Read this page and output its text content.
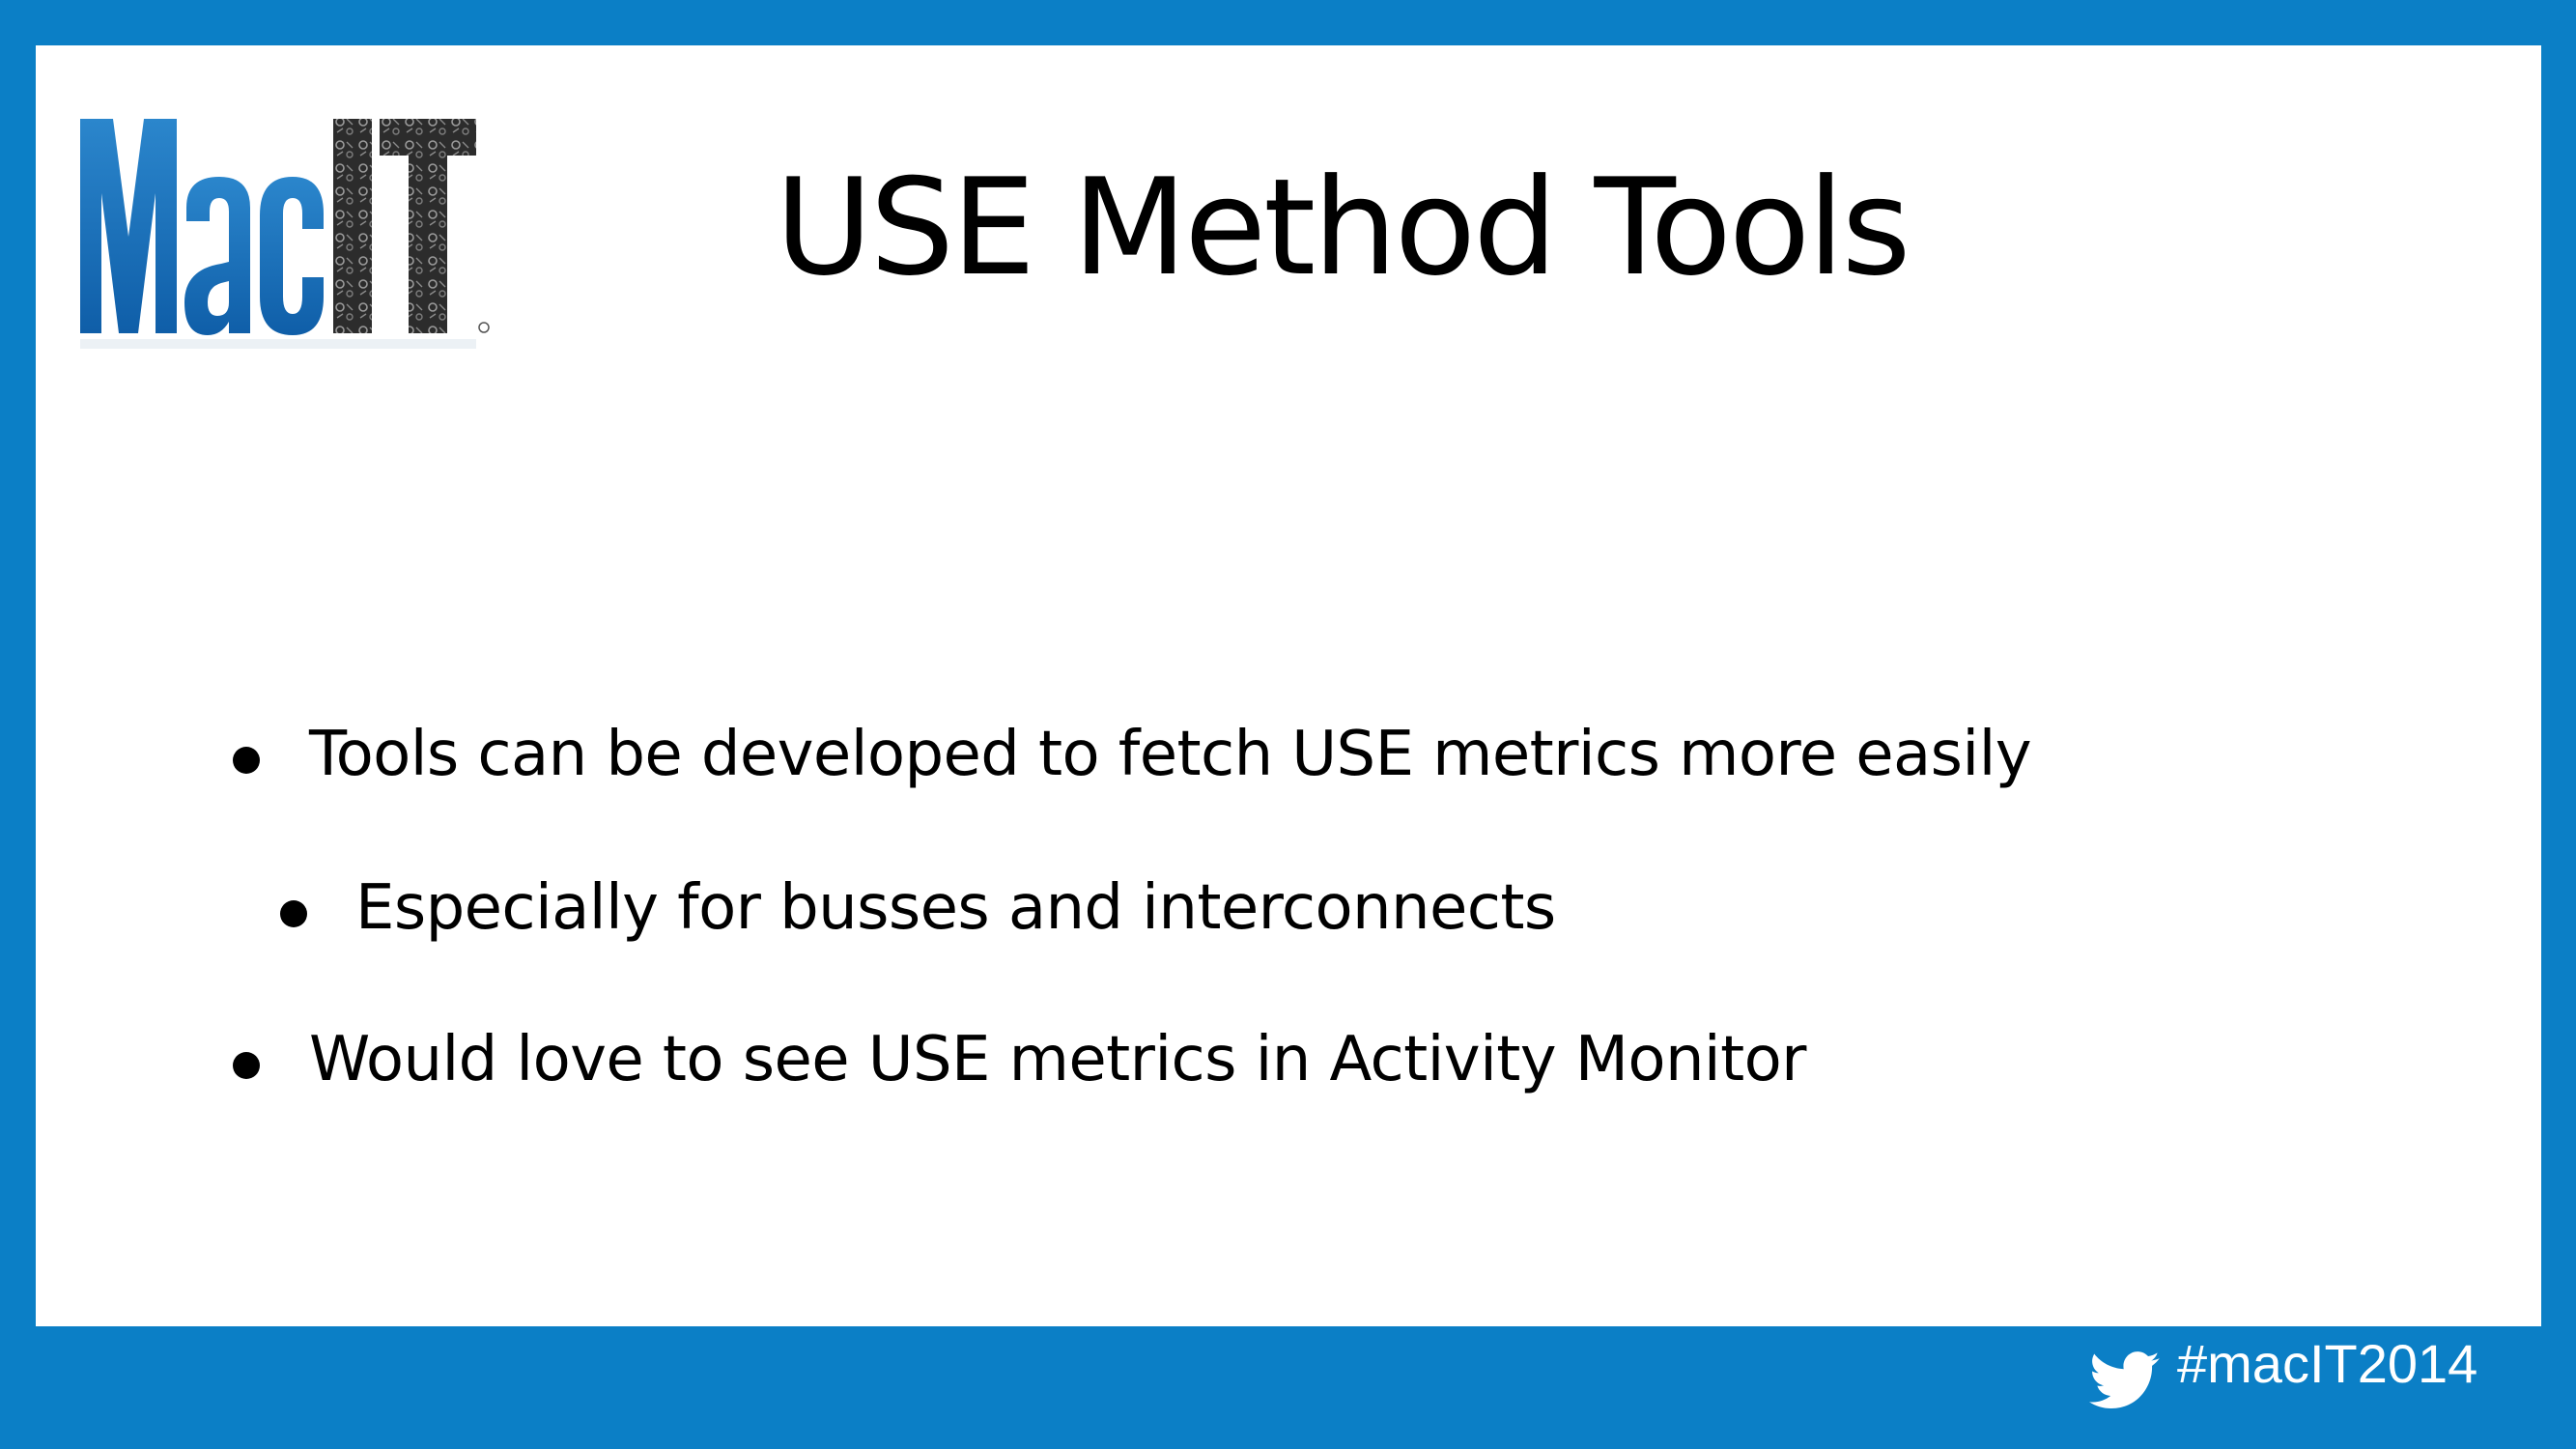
USE Method Tools
Tools can be developed to fetch USE metrics more easily
Especially for busses and interconnects
Would love to see USE metrics in Activity Monitor
#macIT2014
